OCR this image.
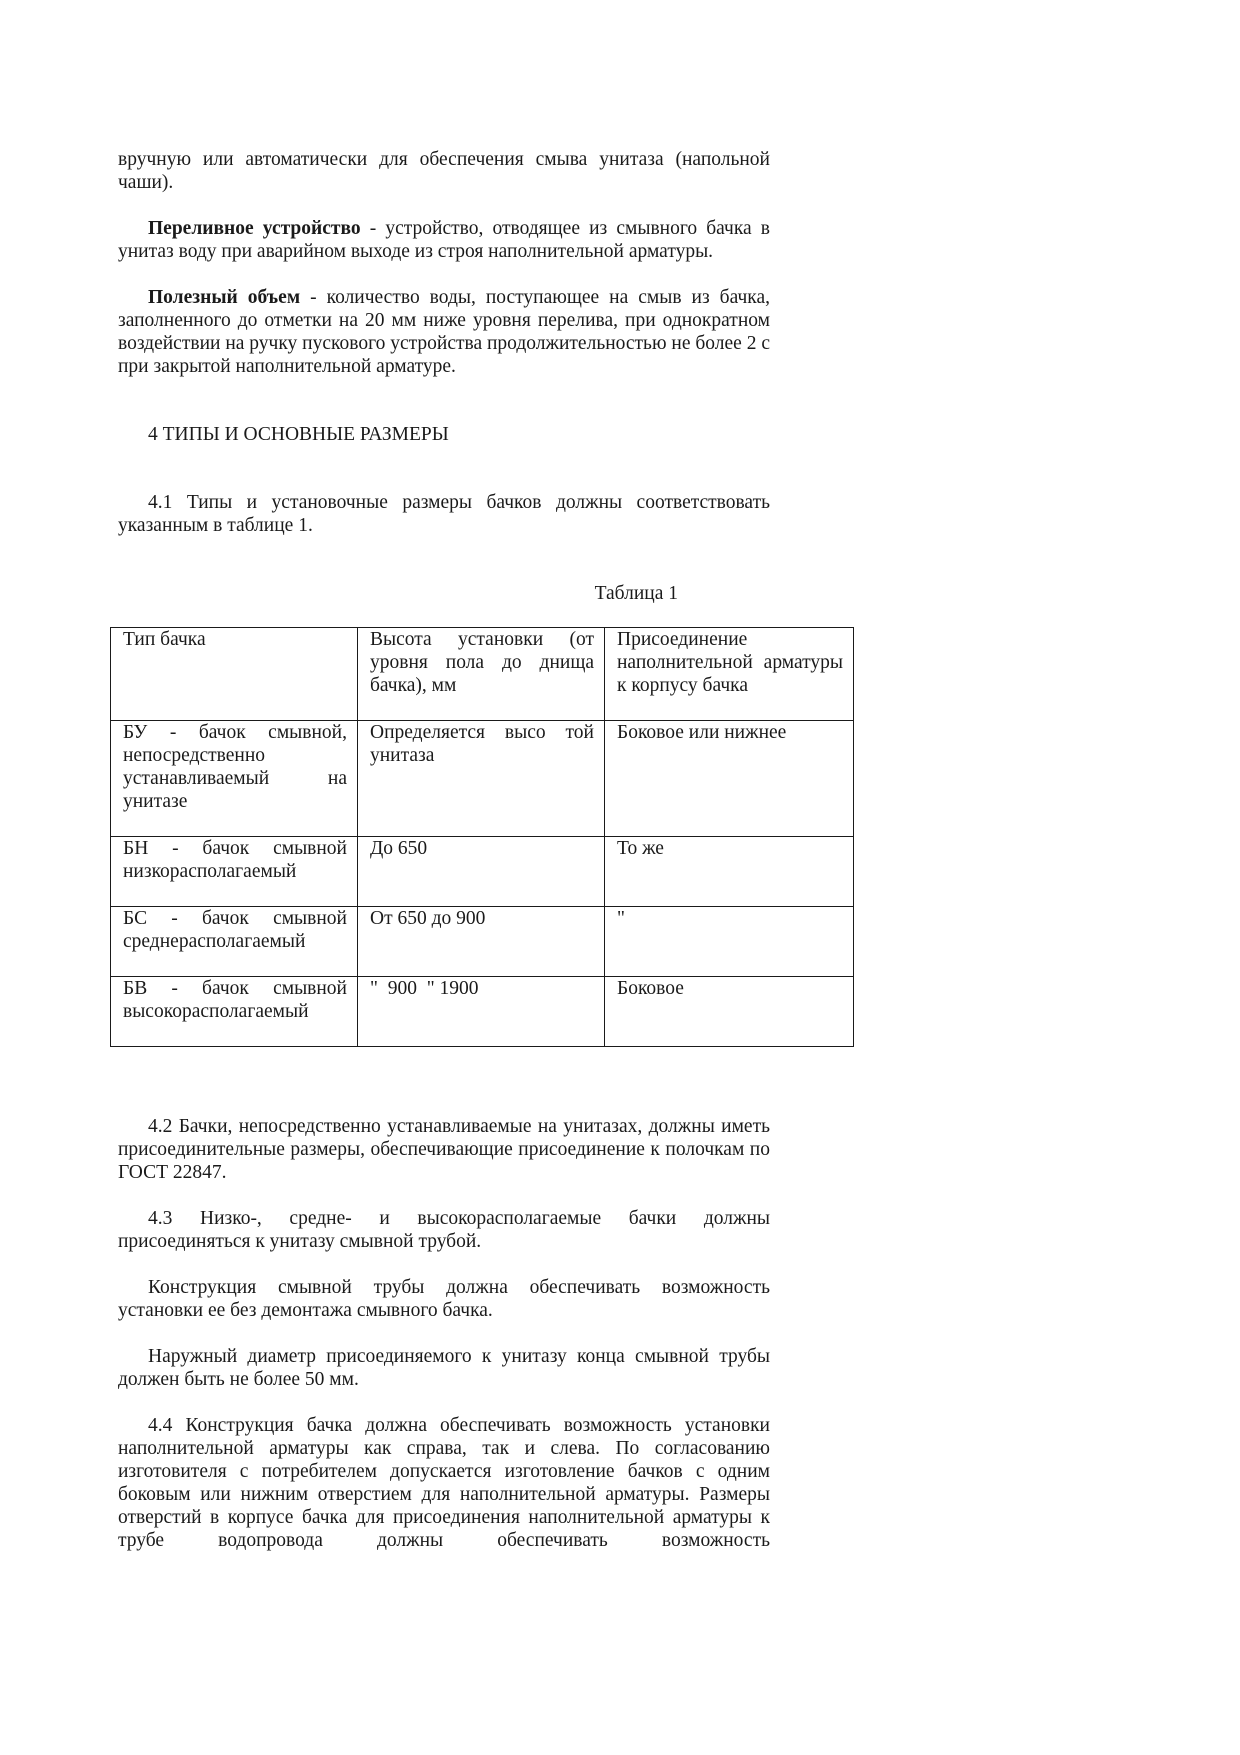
вручную или автоматически для обеспечения смыва унитаза (напольной чаши).

Переливное устройство - устройство, отводящее из смывного бачка в унитаз воду при аварийном выходе из строя наполнительной арматуры.

Полезный объем - количество воды, поступающее на смыв из бачка, заполненного до отметки на 20 мм ниже уровня перелива, при однократном воздействии на ручку пускового устройства продолжительностью не более 2 с при закрытой наполнительной арматуре.

4 ТИПЫ И ОСНОВНЫЕ РАЗМЕРЫ

4.1 Типы и установочные размеры бачков должны соответствовать указанным в таблице 1.

Таблица 1
Тип бачка	Высота установки (от уровня пола до днища бачка), мм	Присоединение наполнительной арматуры к корпусу бачка
БУ - бачок смывной, непосредственно устанавливаемый на унитазе	Определяется высо той унитаза	Боковое или нижнее
БН - бачок смывной низкорасполагаемый	До 650	То же
БС - бачок смывной среднерасполагаемый	От 650 до 900	"
БВ - бачок смывной высокорасполагаемый	"  900  " 1900	Боковое

4.2 Бачки, непосредственно устанавливаемые на унитазах, должны иметь присоединительные размеры, обеспечивающие присоединение к полочкам по ГОСТ 22847.

4.3 Низко-, средне- и высокорасполагаемые бачки должны присоединяться к унитазу смывной трубой.

Конструкция смывной трубы должна обеспечивать возможность установки ее без демонтажа смывного бачка.

Наружный диаметр присоединяемого к унитазу конца смывной трубы должен быть не более 50 мм.

4.4 Конструкция бачка должна обеспечивать возможность установки наполнительной арматуры как справа, так и слева. По согласованию изготовителя с потребителем допускается изготовление бачков с одним боковым или нижним отверстием для наполнительной арматуры. Размеры отверстий в корпусе бачка для присоединения наполнительной арматуры к трубе водопровода должны обеспечивать возможность
